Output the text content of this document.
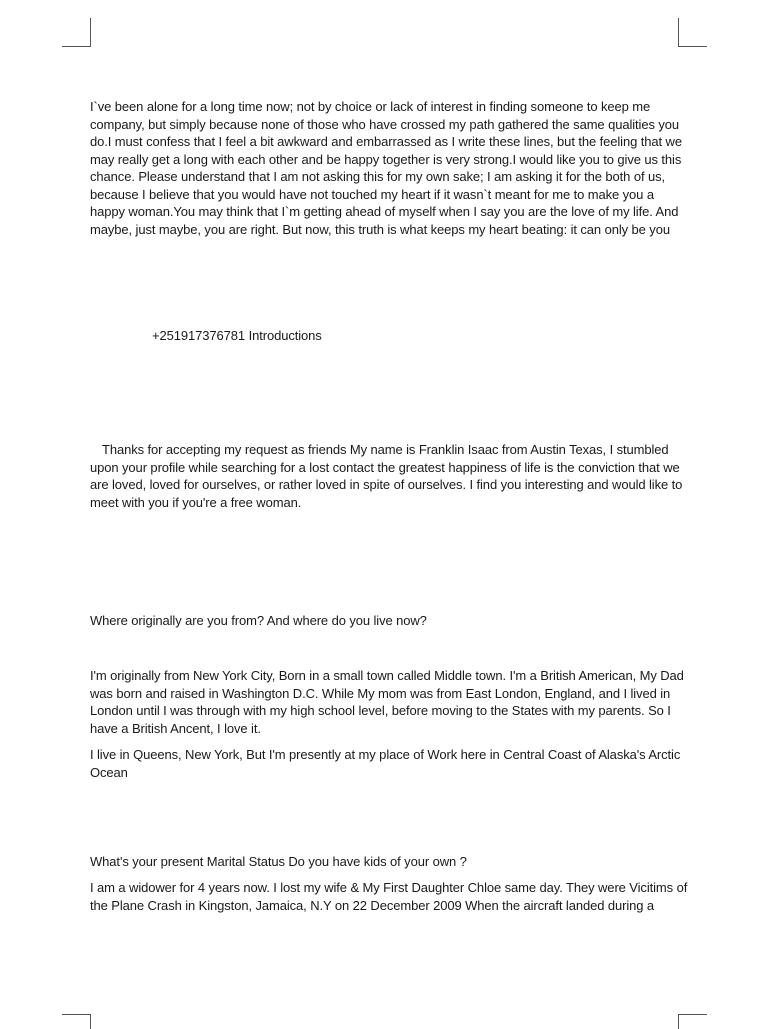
I`ve been alone for a long time now; not by choice or lack of interest in finding someone to keep me company, but simply because none of those who have crossed my path gathered the same qualities you do.I must confess that I feel a bit awkward and embarrassed as I write these lines, but the feeling that we may really get a long with each other and be happy together is very strong.I would like you to give us this chance. Please understand that I am not asking this for my own sake; I am asking it for the both of us, because I believe that you would have not touched my heart if it wasn`t meant for me to make you a happy woman.You may think that I`m getting ahead of myself when I say you are the love of my life. And maybe, just maybe, you are right. But now, this truth is what keeps my heart beating: it can only be you

+251917376781 Introductions

Thanks for accepting my request as friends My name is Franklin Isaac from Austin Texas, I stumbled upon your profile while searching for a lost contact the greatest happiness of life is the conviction that we are loved, loved for ourselves, or rather loved in spite of ourselves. I find you interesting and would like to meet with you if you're a free woman.

Where originally are you from? And where do you live now?

I'm originally from New York City, Born in a small town called Middle town. I'm a British American, My Dad was born and raised in Washington D.C. While My mom was from East London, England, and I lived in London until I was through with my high school level, before moving to the States with my parents. So I have a British Ancent, I love it.

I live in Queens, New York, But I'm presently at my place of Work here in Central Coast of Alaska's Arctic Ocean

What's your present Marital Status Do you have kids of your own ?

I am a widower for 4 years now. I lost my wife & My First Daughter Chloe same day. They were Vicitims of the Plane Crash in Kingston, Jamaica, N.Y on 22 December 2009 When the aircraft landed during a
